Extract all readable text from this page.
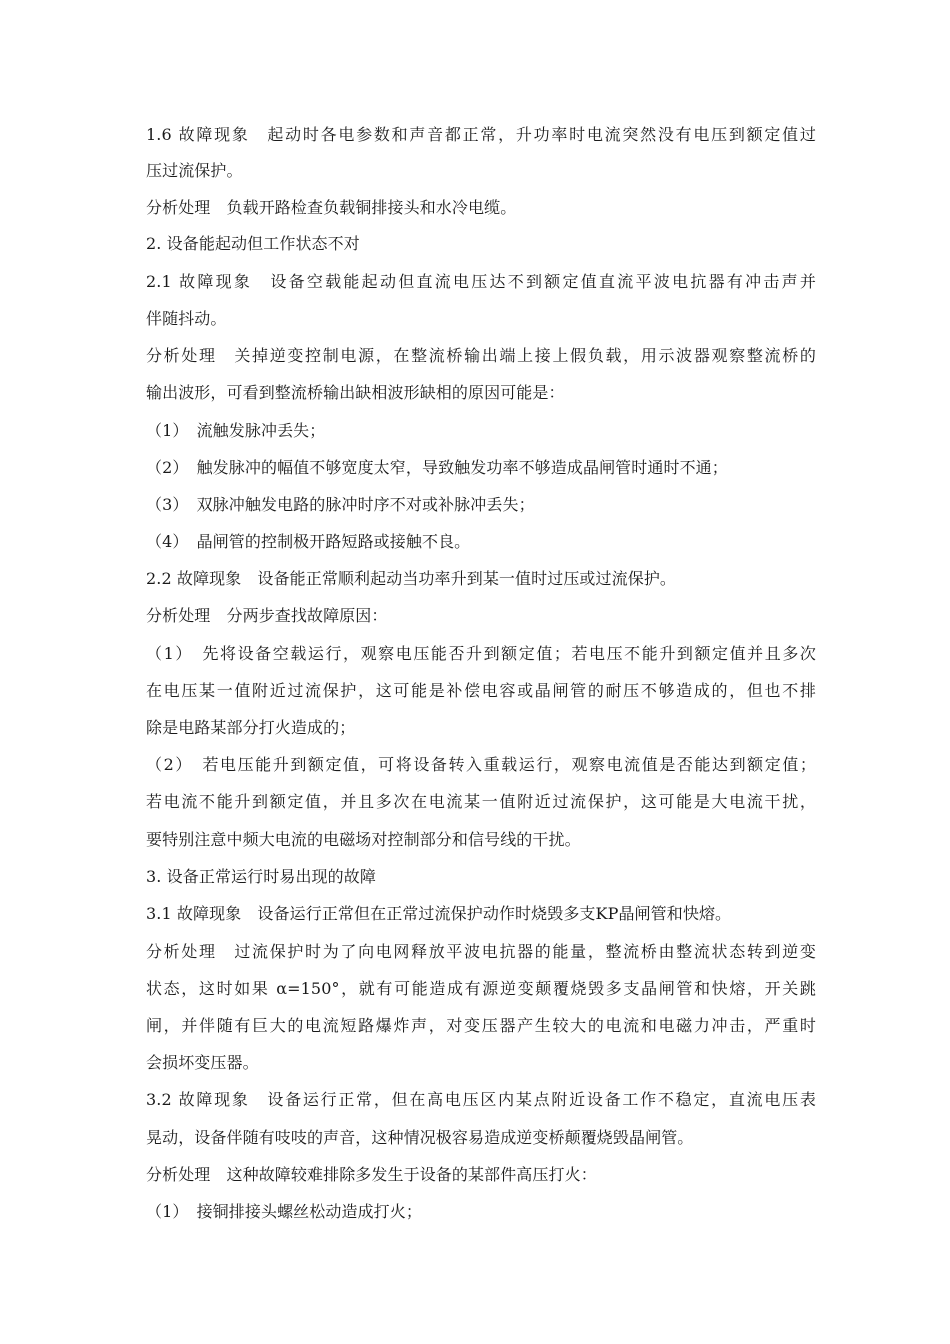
1.6 故障现象　起动时各电参数和声音都正常，升功率时电流突然没有电压到额定值过
压过流保护。
分析处理　负载开路检查负载铜排接头和水冷电缆。
2. 设备能起动但工作状态不对
2.1 故障现象　设备空载能起动但直流电压达不到额定值直流平波电抗器有冲击声并
伴随抖动。
分析处理　关掉逆变控制电源，在整流桥输出端上接上假负载，用示波器观察整流桥的
输出波形，可看到整流桥输出缺相波形缺相的原因可能是：
（1）　流触发脉冲丢失；
（2）　触发脉冲的幅值不够宽度太窄，导致触发功率不够造成晶闸管时通时不通；
（3）　双脉冲触发电路的脉冲时序不对或补脉冲丢失；
（4）　晶闸管的控制极开路短路或接触不良。
2.2 故障现象　设备能正常顺利起动当功率升到某一值时过压或过流保护。
分析处理　分两步查找故障原因：
（1）　先将设备空载运行，观察电压能否升到额定值；若电压不能升到额定值并且多次
在电压某一值附近过流保护，这可能是补偿电容或晶闸管的耐压不够造成的，但也不排
除是电路某部分打火造成的；
（2）　若电压能升到额定值，可将设备转入重载运行，观察电流值是否能达到额定值；
若电流不能升到额定值，并且多次在电流某一值附近过流保护，这可能是大电流干扰，
要特别注意中频大电流的电磁场对控制部分和信号线的干扰。
3. 设备正常运行时易出现的故障
3.1 故障现象　设备运行正常但在正常过流保护动作时烧毁多支KP晶闸管和快熔。
分析处理　过流保护时为了向电网释放平波电抗器的能量，整流桥由整流状态转到逆变
状态，这时如果 α=150°，就有可能造成有源逆变颠覆烧毁多支晶闸管和快熔，开关跳
闸，并伴随有巨大的电流短路爆炸声，对变压器产生较大的电流和电磁力冲击，严重时
会损坏变压器。
3.2 故障现象　设备运行正常，但在高电压区内某点附近设备工作不稳定，直流电压表
晃动，设备伴随有吱吱的声音，这种情况极容易造成逆变桥颠覆烧毁晶闸管。
分析处理　这种故障较难排除多发生于设备的某部件高压打火：
（1）　接铜排接头螺丝松动造成打火；
